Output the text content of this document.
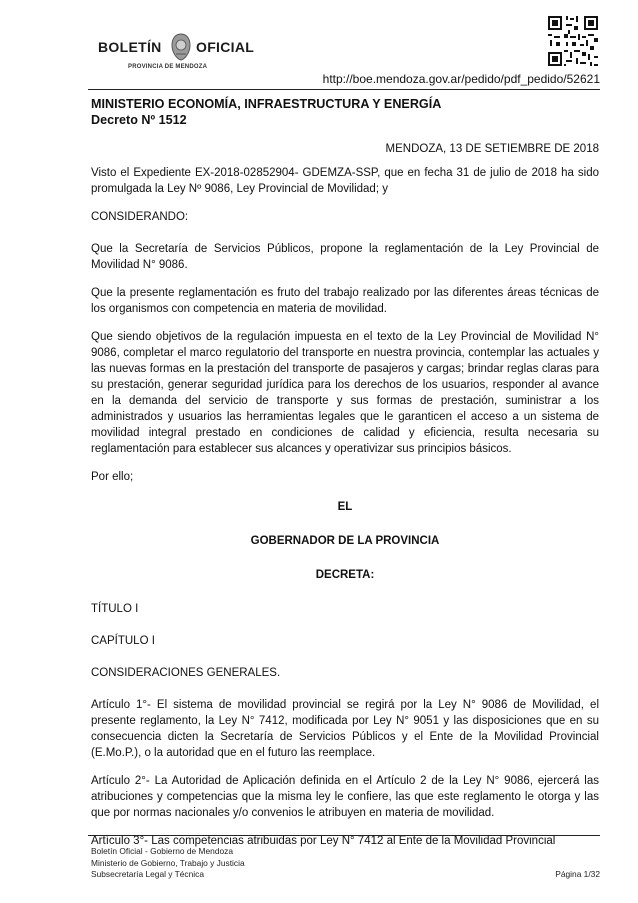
BOLETÍN OFICIAL
PROVINCIA DE MENDOZA
http://boe.mendoza.gov.ar/pedido/pdf_pedido/52621

MINISTERIO ECONOMÍA, INFRAESTRUCTURA Y ENERGÍA

Decreto Nº 1512

MENDOZA, 13 DE SETIEMBRE DE 2018

Visto el Expediente EX-2018-02852904- GDEMZA-SSP, que en fecha 31 de julio de 2018 ha sido promulgada la Ley Nº 9086, Ley Provincial de Movilidad; y

CONSIDERANDO:

Que la Secretaría de Servicios Públicos, propone la reglamentación de la Ley Provincial de Movilidad N° 9086.

Que la presente reglamentación es fruto del trabajo realizado por las diferentes áreas técnicas de los organismos con competencia en materia de movilidad.

Que siendo objetivos de la regulación impuesta en el texto de la Ley Provincial de Movilidad N° 9086, completar el marco regulatorio del transporte en nuestra provincia, contemplar las actuales y las nuevas formas en la prestación del transporte de pasajeros y cargas; brindar reglas claras para su prestación, generar seguridad jurídica para los derechos de los usuarios, responder al avance en la demanda del servicio de transporte y sus formas de prestación, suministrar a los administrados y usuarios las herramientas legales que le garanticen el acceso a un sistema de movilidad integral prestado en condiciones de calidad y eficiencia, resulta necesaria su reglamentación para establecer sus alcances y operativizar sus principios básicos.

Por ello;

EL

GOBERNADOR DE LA PROVINCIA

DECRETA:

TÍTULO I

CAPÍTULO I

CONSIDERACIONES GENERALES.

Artículo 1°- El sistema de movilidad provincial se regirá por la Ley N° 9086 de Movilidad, el presente reglamento, la Ley N° 7412, modificada por Ley N° 9051 y las disposiciones que en su consecuencia dicten la Secretaría de Servicios Públicos y el Ente de la Movilidad Provincial (E.Mo.P.), o la autoridad que en el futuro las reemplace.

Artículo 2°- La Autoridad de Aplicación definida en el Artículo 2 de la Ley N° 9086, ejercerá las atribuciones y competencias que la misma ley le confiere, las que este reglamento le otorga y las que por normas nacionales y/o convenios le atribuyen en materia de movilidad.

Artículo 3°- Las competencias atribuidas por Ley N° 7412 al Ente de la Movilidad Provincial

Boletín Oficial - Gobierno de Mendoza
Ministerio de Gobierno, Trabajo y Justicia
Subsecretaría Legal y Técnica	Página 1/32
